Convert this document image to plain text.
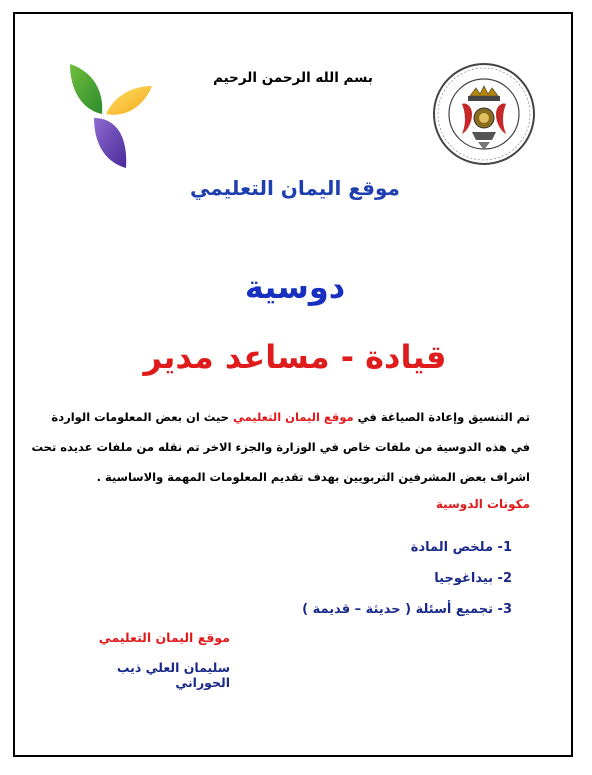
بسم الله الرحمن الرحيم
موقع اليمان التعليمي
دوسية
قيادة - مساعد مدير
تم التنسيق وإعادة الصياغة في موقع اليمان التعليمي حيث ان بعض المعلومات الواردة
في هذه الدوسية من ملفات خاص في الوزارة والجزء الاخر تم نقله من ملفات عديده تحت
اشراف بعض المشرفين التربويين بهدف تقديم المعلومات المهمة والاساسية .
مكونات الدوسية
1- ملخص المادة
2- بيداغوجيا
3- تجميع أسئلة ( حديثة – قديمة )
موقع اليمان التعليمي
سليمان العلي ذيب الحوراني
